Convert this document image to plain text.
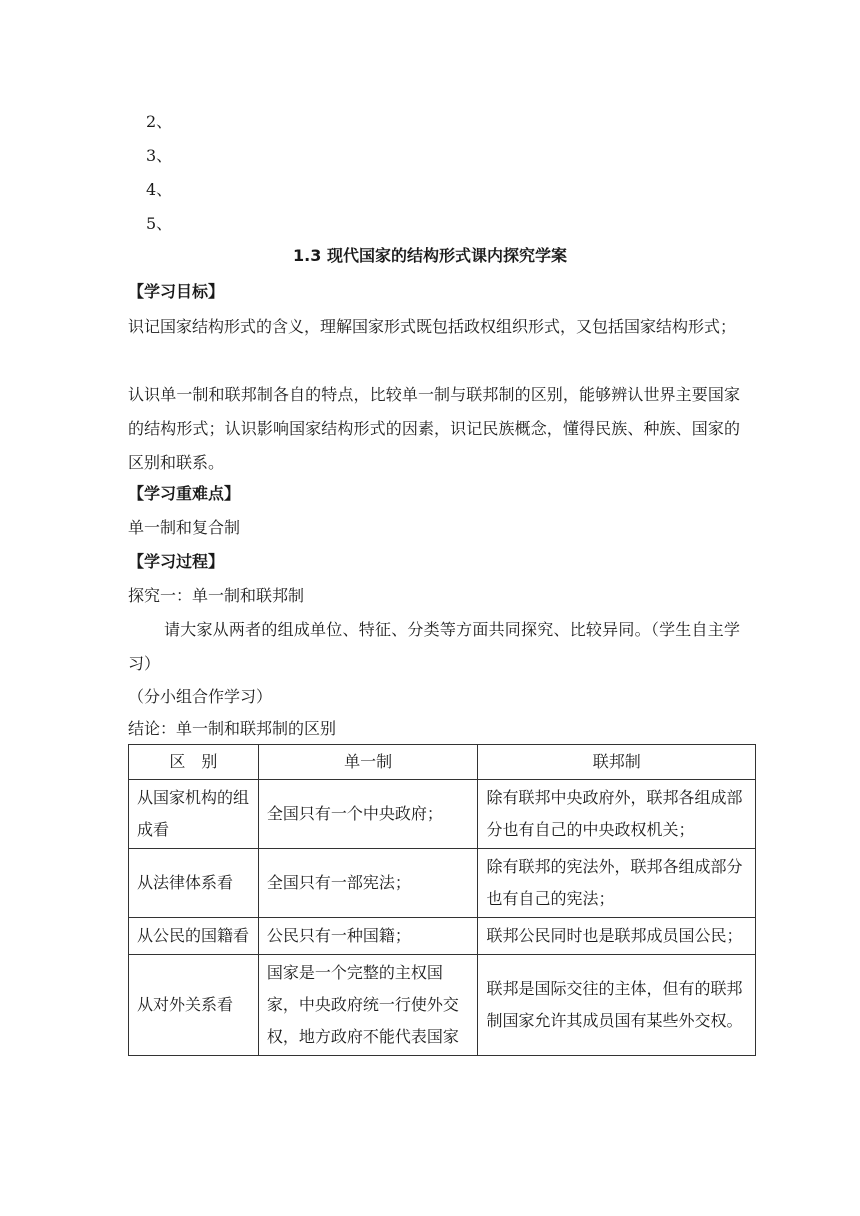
2、
3、
4、
5、
1.3 现代国家的结构形式课内探究学案
【学习目标】
识记国家结构形式的含义，理解国家形式既包括政权组织形式，又包括国家结构形式；
认识单一制和联邦制各自的特点，比较单一制与联邦制的区别，能够辨认世界主要国家的结构形式；认识影响国家结构形式的因素，识记民族概念，懂得民族、种族、国家的区别和联系。
【学习重难点】
单一制和复合制
【学习过程】
探究一：单一制和联邦制
请大家从两者的组成单位、特征、分类等方面共同探究、比较异同。（学生自主学习）
（分小组合作学习）
结论：单一制和联邦制的区别
区　别	单一制	联邦制
从国家机构的组成看	全国只有一个中央政府；	除有联邦中央政府外，联邦各组成部分也有自己的中央政权机关；
从法律体系看	全国只有一部宪法；	除有联邦的宪法外，联邦各组成部分也有自己的宪法；
从公民的国籍看	公民只有一种国籍；	联邦公民同时也是联邦成员国公民；
从对外关系看	国家是一个完整的主权国家，中央政府统一行使外交权，地方政府不能代表国家	联邦是国际交往的主体，但有的联邦制国家允许其成员国有某些外交权。
